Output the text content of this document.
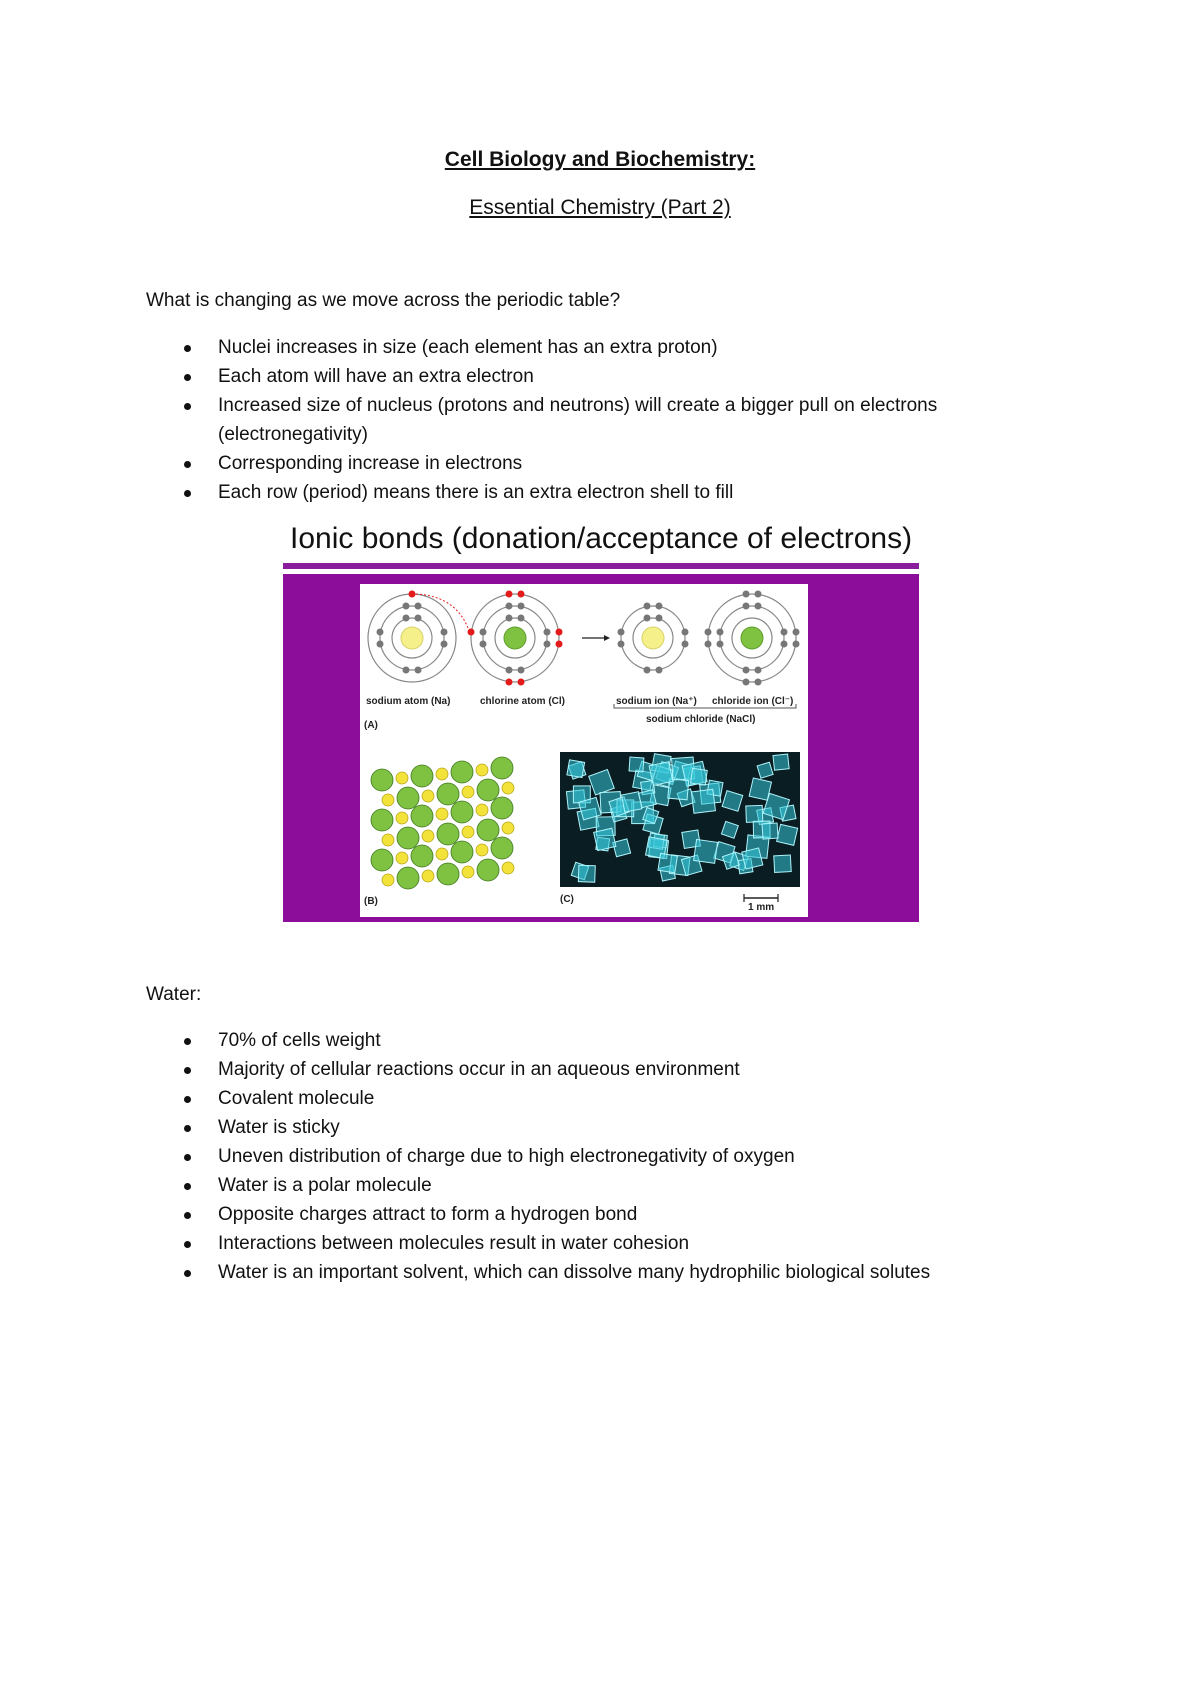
Cell Biology and Biochemistry:
Essential Chemistry (Part 2)
What is changing as we move across the periodic table?
Nuclei increases in size (each element has an extra proton)
Each atom will have an extra electron
Increased size of nucleus (protons and neutrons) will create a bigger pull on electrons (electronegativity)
Corresponding increase in electrons
Each row (period) means there is an extra electron shell to fill
Ionic bonds (donation/acceptance of electrons)
sodium atom (Na)	chlorine atom (Cl)	sodium ion (Na⁺) chloride ion (Cl⁻)
sodium chloride (NaCl)
(A)
(B)	(C)
1 mm
Water:
70% of cells weight
Majority of cellular reactions occur in an aqueous environment
Covalent molecule
Water is sticky
Uneven distribution of charge due to high electronegativity of oxygen
Water is a polar molecule
Opposite charges attract to form a hydrogen bond
Interactions between molecules result in water cohesion
Water is an important solvent, which can dissolve many hydrophilic biological solutes
